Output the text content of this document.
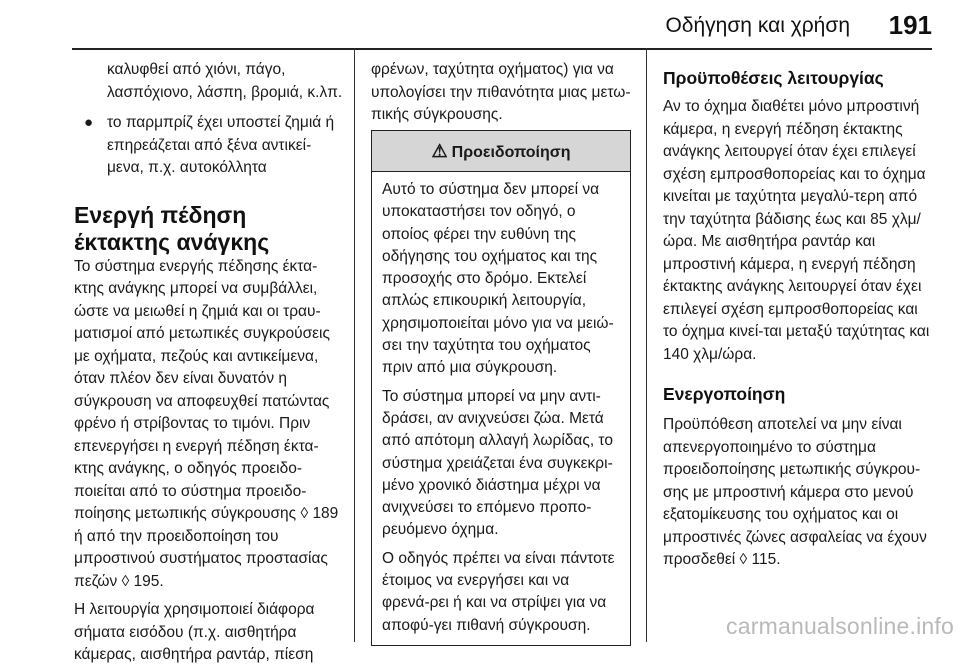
Οδήγηση και χρήση 191

καλυφθεί από χιόνι, πάγο, λασπόχιονο, λάσπη, βρομιά, κ.λπ.

● το παρμπρίζ έχει υποστεί ζημιά ή επηρεάζεται από ξένα αντικεί-μενα, π.χ. αυτοκόλλητα

Ενεργή πέδηση έκτακτης ανάγκης

Το σύστημα ενεργής πέδησης έκτα-κτης ανάγκης μπορεί να συμβάλλει, ώστε να μειωθεί η ζημιά και οι τραυ-ματισμοί από μετωπικές συγκρούσεις με οχήματα, πεζούς και αντικείμενα, όταν πλέον δεν είναι δυνατόν η σύγκρουση να αποφευχθεί πατώντας φρένο ή στρίβοντας το τιμόνι. Πριν επενεργήσει η ενεργή πέδηση έκτα-κτης ανάγκης, ο οδηγός προειδο-ποιείται από το σύστημα προειδο-ποίησης μετωπικής σύγκρουσης ◊ 189 ή από την προειδοποίηση του μπροστινού συστήματος προστασίας πεζών ◊ 195.

Η λειτουργία χρησιμοποιεί διάφορα σήματα εισόδου (π.χ. αισθητήρα κάμερας, αισθητήρα ραντάρ, πίεση

φρένων, ταχύτητα οχήματος) για να υπολογίσει την πιθανότητα μιας μετω-πικής σύγκρουσης.

⚠ Προειδοποίηση

Αυτό το σύστημα δεν μπορεί να υποκαταστήσει τον οδηγό, ο οποίος φέρει την ευθύνη της οδήγησης του οχήματος και της προσοχής στο δρόμο. Εκτελεί απλώς επικουρική λειτουργία, χρησιμοποιείται μόνο για να μειώ-σει την ταχύτητα του οχήματος πριν από μια σύγκρουση.

Το σύστημα μπορεί να μην αντι-δράσει, αν ανιχνεύσει ζώα. Μετά από απότομη αλλαγή λωρίδας, το σύστημα χρειάζεται ένα συγκεκρι-μένο χρονικό διάστημα μέχρι να ανιχνεύσει το επόμενο προπο-ρευόμενο όχημα.

Ο οδηγός πρέπει να είναι πάντοτε έτοιμος να ενεργήσει και να φρενά-ρει ή και να στρίψει για να αποφύ-γει πιθανή σύγκρουση.

Προϋποθέσεις λειτουργίας

Αν το όχημα διαθέτει μόνο μπροστινή κάμερα, η ενεργή πέδηση έκτακτης ανάγκης λειτουργεί όταν έχει επιλεγεί σχέση εμπροσθοπορείας και το όχημα κινείται με ταχύτητα μεγαλύ-τερη από την ταχύτητα βάδισης έως και 85 χλμ/ώρα. Με αισθητήρα ραντάρ και μπροστινή κάμερα, η ενεργή πέδηση έκτακτης ανάγκης λειτουργεί όταν έχει επιλεγεί σχέση εμπροσθοπορείας και το όχημα κινεί-ται μεταξύ ταχύτητας και 140 χλμ/ώρα.

Ενεργοποίηση

Προϋπόθεση αποτελεί να μην είναι απενεργοποιημένο το σύστημα προειδοποίησης μετωπικής σύγκρου-σης με μπροστινή κάμερα στο μενού εξατομίκευσης του οχήματος και οι μπροστινές ζώνες ασφαλείας να έχουν προσδεθεί ◊ 115.

carmanualsonline.info
